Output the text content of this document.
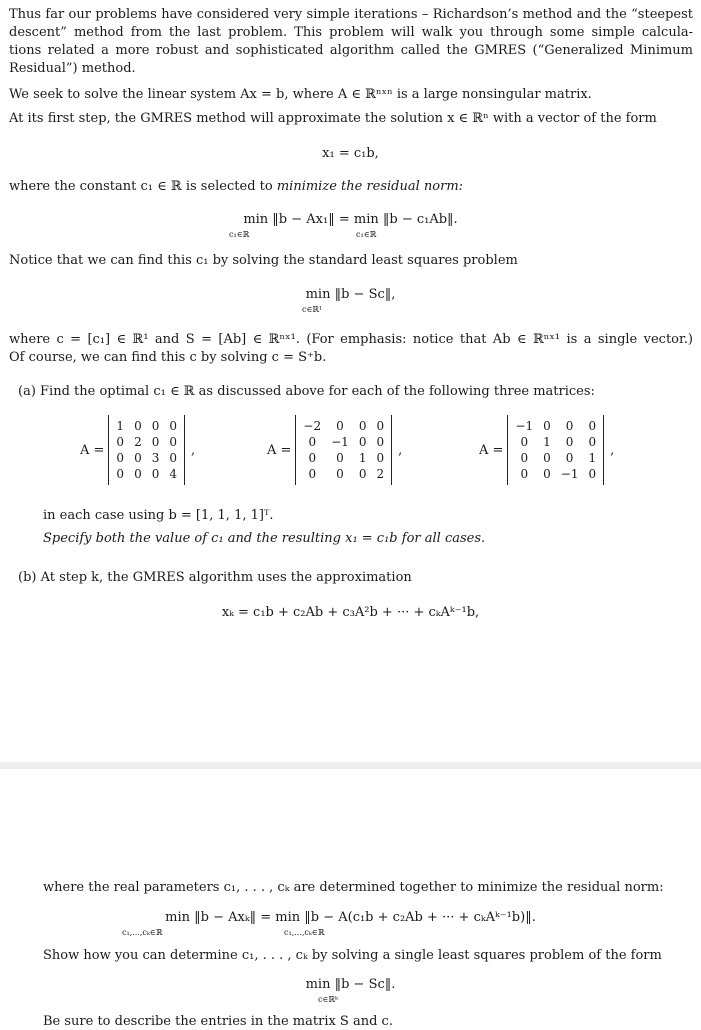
Thus far our problems have considered very simple iterations – Richardson’s method and the “steepest
descent” method from the last problem. This problem will walk you through some simple calcula-
tions related a more robust and sophisticated algorithm called the GMRES (“Generalized Minimum
Residual”) method.
We seek to solve the linear system Ax = b, where A ∈ ℝⁿˣⁿ is a large nonsingular matrix.
At its first step, the GMRES method will approximate the solution x ∈ ℝⁿ with a vector of the form
x₁ = c₁b,
where the constant c₁ ∈ ℝ is selected to minimize the residual norm:
min ‖b − Ax₁‖ = min ‖b − c₁Ab‖.
c₁∈ℝ	c₁∈ℝ
Notice that we can find this c₁ by solving the standard least squares problem
min ‖b − Sc‖,
c∈ℝ¹
where c = [c₁] ∈ ℝ¹ and S = [Ab] ∈ ℝⁿˣ¹. (For emphasis: notice that Ab ∈ ℝⁿˣ¹ is a single vector.)
Of course, we can find this c by solving c = S⁺b.
(a) Find the optimal c₁ ∈ ℝ as discussed above for each of the following three matrices:
A =
1	0	0	0
0	2	0	0
0	0	3	0
0	0	0	4
,	A =
−2	0	0	0
0	−1	0	0
0	0	1	0
0	0	0	2
,	A =
−1	0	0	0
0	1	0	0
0	0	0	1
0	0	−1	0
,
in each case using b = [1, 1, 1, 1]ᵀ.
Specify both the value of c₁ and the resulting x₁ = c₁b for all cases.
(b) At step k, the GMRES algorithm uses the approximation
xₖ = c₁b + c₂Ab + c₃A²b + ··· + cₖAᵏ⁻¹b,
where the real parameters c₁, . . . , cₖ are determined together to minimize the residual norm:
min ‖b − Axₖ‖ = min ‖b − A(c₁b + c₂Ab + ··· + cₖAᵏ⁻¹b)‖.
c₁,...,cₖ∈ℝ	c₁,...,cₖ∈ℝ
Show how you can determine c₁, . . . , cₖ by solving a single least squares problem of the form
min ‖b − Sc‖.
c∈ℝᵏ
Be sure to describe the entries in the matrix S and c.
